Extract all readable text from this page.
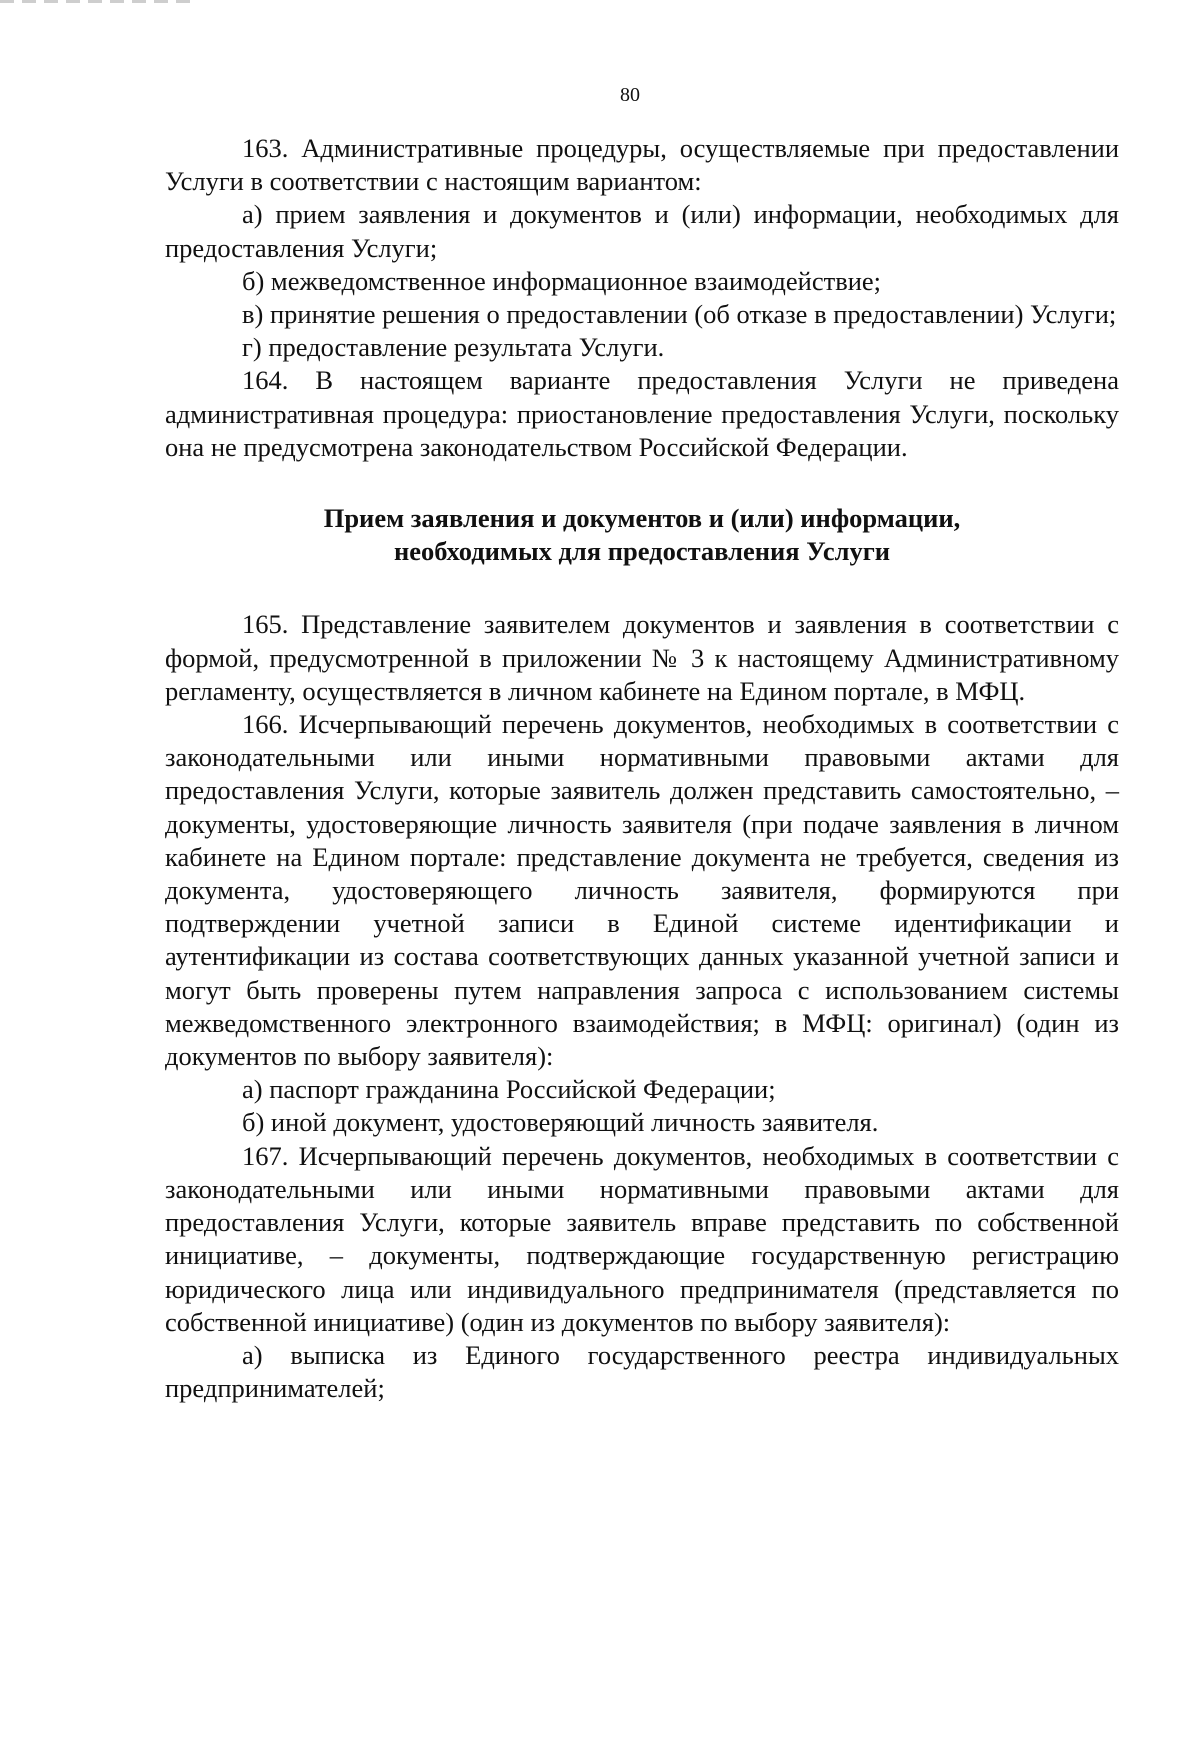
80

163. Административные процедуры, осуществляемые при предоставлении Услуги в соответствии с настоящим вариантом:

а) прием заявления и документов и (или) информации, необходимых для предоставления Услуги;

б) межведомственное информационное взаимодействие;

в) принятие решения о предоставлении (об отказе в предоставлении) Услуги;

г) предоставление результата Услуги.

164. В настоящем варианте предоставления Услуги не приведена административная процедура: приостановление предоставления Услуги, поскольку она не предусмотрена законодательством Российской Федерации.

Прием заявления и документов и (или) информации,
необходимых для предоставления Услуги

165. Представление заявителем документов и заявления в соответствии с формой, предусмотренной в приложении № 3 к настоящему Административному регламенту, осуществляется в личном кабинете на Едином портале, в МФЦ.

166. Исчерпывающий перечень документов, необходимых в соответствии с законодательными или иными нормативными правовыми актами для предоставления Услуги, которые заявитель должен представить самостоятельно, – документы, удостоверяющие личность заявителя (при подаче заявления в личном кабинете на Едином портале: представление документа не требуется, сведения из документа, удостоверяющего личность заявителя, формируются при подтверждении учетной записи в Единой системе идентификации и аутентификации из состава соответствующих данных указанной учетной записи и могут быть проверены путем направления запроса с использованием системы межведомственного электронного взаимодействия; в МФЦ: оригинал) (один из документов по выбору заявителя):

а) паспорт гражданина Российской Федерации;

б) иной документ, удостоверяющий личность заявителя.

167. Исчерпывающий перечень документов, необходимых в соответствии с законодательными или иными нормативными правовыми актами для предоставления Услуги, которые заявитель вправе представить по собственной инициативе, – документы, подтверждающие государственную регистрацию юридического лица или индивидуального предпринимателя (представляется по собственной инициативе) (один из документов по выбору заявителя):

а) выписка из Единого государственного реестра индивидуальных предпринимателей;
